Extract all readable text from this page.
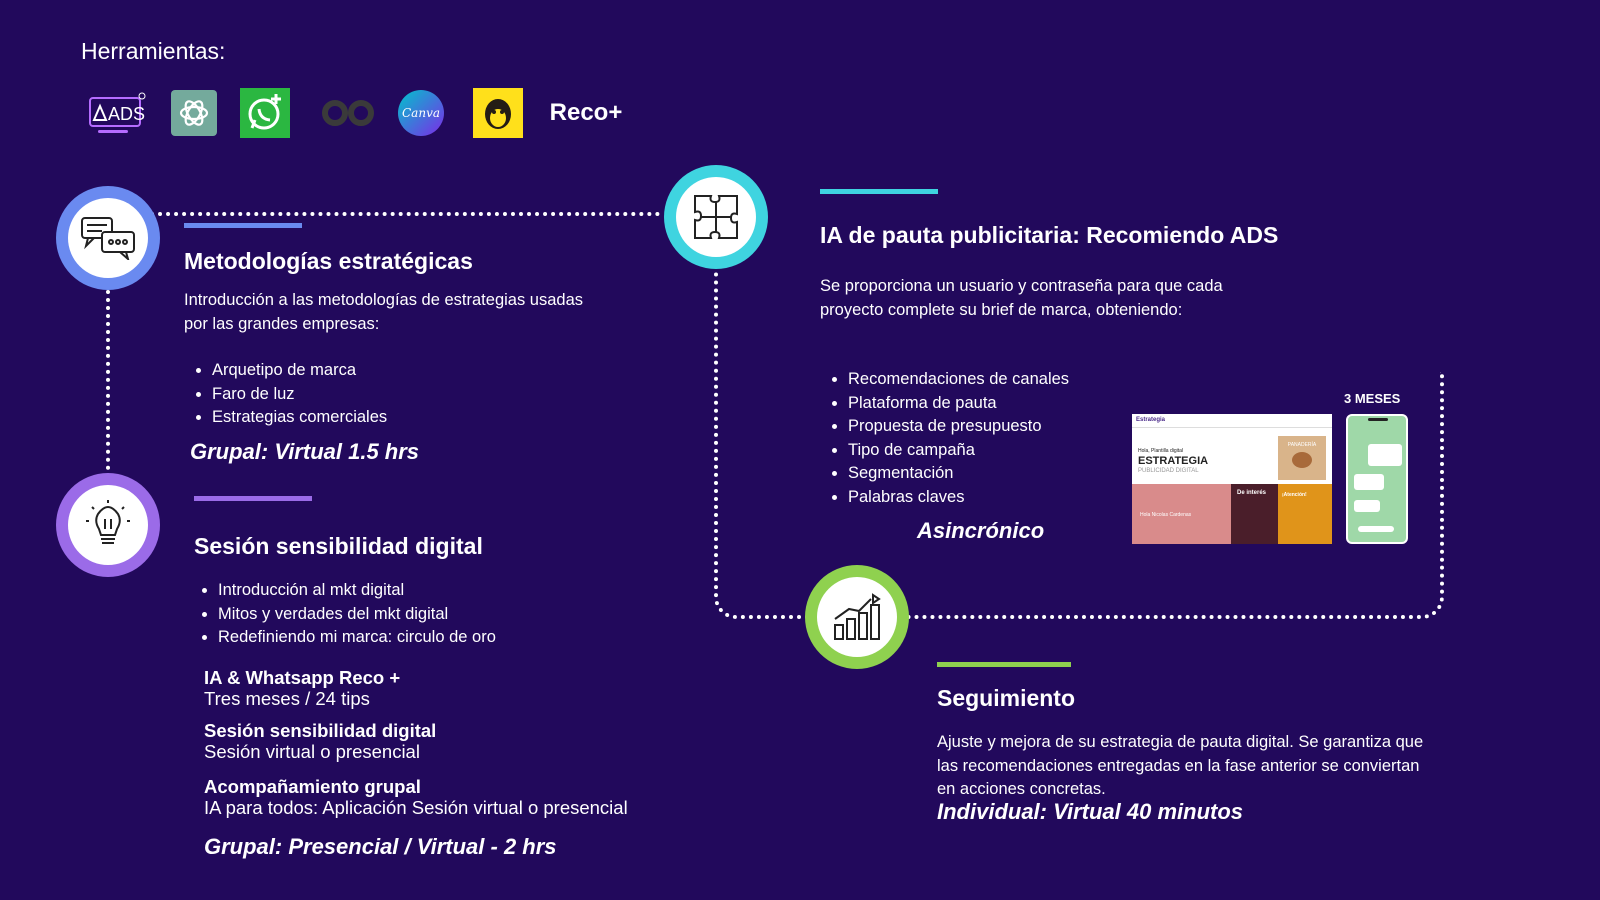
Herramientas:
ADS	Canva	Reco+
Metodologías estratégicas
Introducción a las metodologías de estrategias usadas por las grandes empresas:
• Arquetipo de marca
• Faro de luz
• Estrategias comerciales
Grupal: Virtual 1.5 hrs
Sesión sensibilidad digital
• Introducción al mkt digital
• Mitos y verdades del mkt digital
• Redefiniendo mi marca: circulo de oro
IA & Whatsapp Reco +
Tres meses / 24 tips
Sesión sensibilidad digital
Sesión virtual o presencial
Acompañamiento grupal
IA para todos: Aplicación Sesión virtual o presencial
Grupal: Presencial / Virtual - 2 hrs
IA de pauta publicitaria: Recomiendo ADS
Se proporciona un usuario y contraseña para que cada proyecto complete su brief de marca, obteniendo:
• Recomendaciones de canales
• Plataforma de pauta
• Propuesta de presupuesto
• Tipo de campaña
• Segmentación
• Palabras claves
Asincrónico
3 MESES
Estrategia
Hola, Plantilla digital
ESTRATEGIA
PUBLICIDAD DIGITAL
PANADERÍA
Hola Nicolas Cardenas
De interés	¡Atención!
Seguimiento
Ajuste y mejora de su estrategia de pauta digital. Se garantiza que las recomendaciones entregadas en la fase anterior se conviertan en acciones concretas.
Individual: Virtual 40 minutos
